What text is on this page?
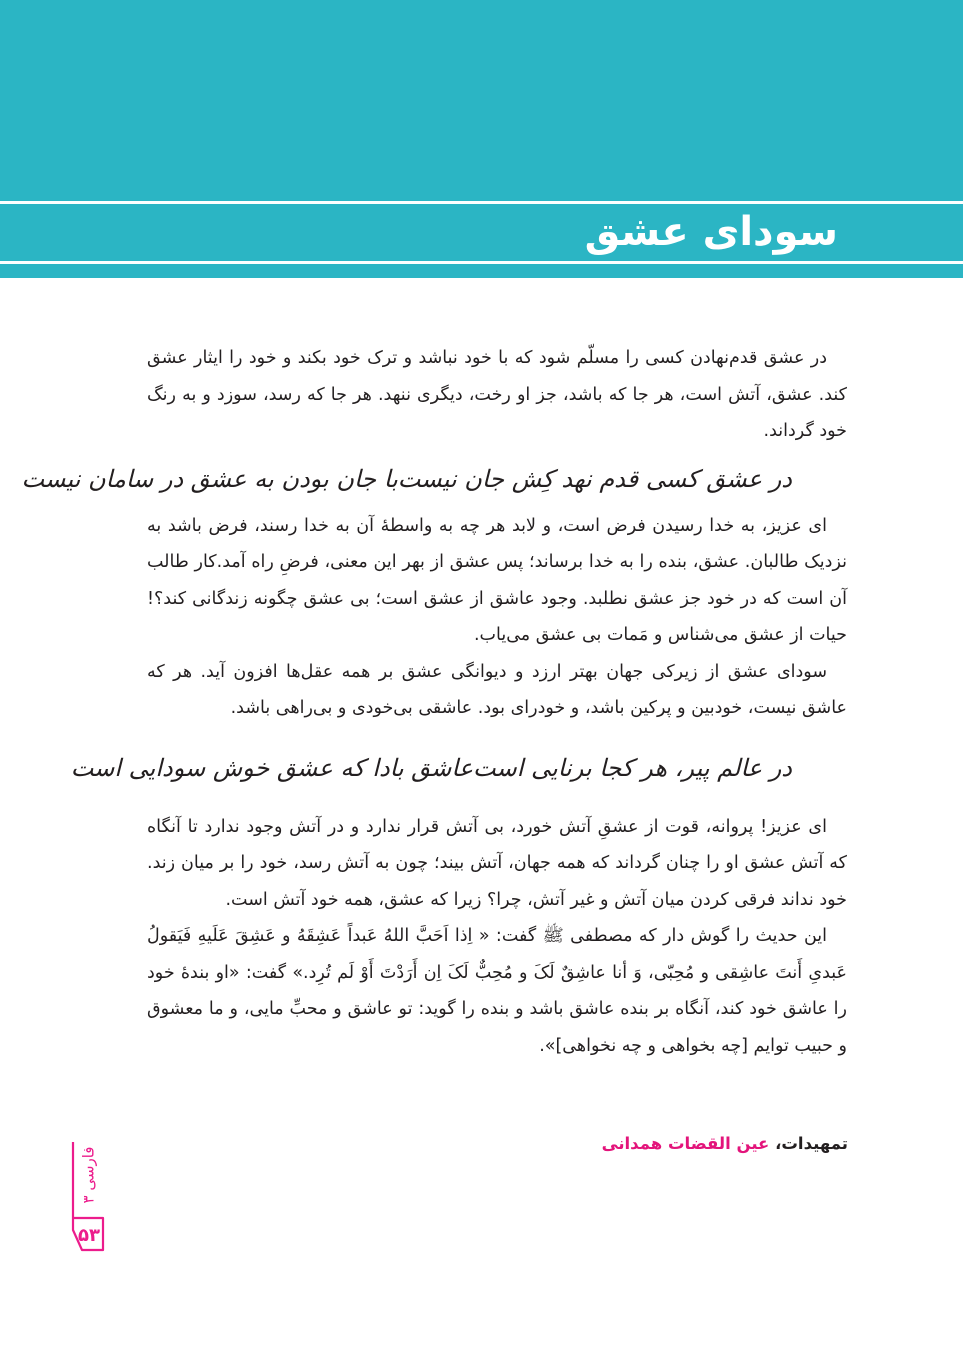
سودای عشق

در عشق قدم‌نهادن کسی را مسلّم شود که با خود نباشد و ترک خود بکند و خود را ایثار عشق کند. عشق، آتش است، هر جا که باشد، جز او رخت، دیگری ننهد. هر جا که رسد، سوزد و به رنگ خود گرداند.

در عشق کسی قدم نهد کِش جان نیست
با جان بودن به عشق در سامان نیست

ای عزیز، به خدا رسیدن فرض است، و لابد هر چه به واسطهٔ آن به خدا رسند، فرض باشد به نزدیک طالبان. عشق، بنده را به خدا برساند؛ پس عشق از بهر این معنی، فرضِ راه آمد.کار طالب آن است که در خود جز عشق نطلبد. وجود عاشق از عشق است؛ بی عشق چگونه زندگانی کند؟! حیات از عشق می‌شناس و مَمات بی عشق می‌یاب.

سودای عشق از زیرکی جهان بهتر ارزد و دیوانگی عشق بر همه عقل‌ها افزون آید. هر که عاشق نیست، خودبین و پرکین باشد، و خودرای بود. عاشقی بی‌خودی و بی‌راهی باشد.

در عالم پیر، هر کجا برنایی است
عاشق بادا که عشق خوش سودایی است

ای عزیز! پروانه، قوت از عشقِ آتش خورد، بی آتش قرار ندارد و در آتش وجود ندارد تا آنگاه که آتش عشق او را چنان گرداند که همه جهان، آتش بیند؛ چون به آتش رسد، خود را بر میان زند. خود نداند فرقی کردن میان آتش و غیر آتش، چرا؟ زیرا که عشق، همه خود آتش است.

این حدیث را گوش دار که مصطفی ﷺ گفت: « اِذا اَحَبَّ اللهُ عَبداً عَشِقَهُ و عَشِقَ عَلَیهِ فَیَقولُ عَبدیِ أَنتَ عاشِقی و مُحِبّی، وَ أنا عاشِقٌ لَکَ و مُحِبٌّ لَکَ اِن أَرَدْتَ أَوْ لَم تُرِد.» گفت: «او بندهٔ خود را عاشق خود کند، آنگاه بر بنده عاشق باشد و بنده را گوید: تو عاشق و محبِّ مایی، و ما معشوق و حبیب توایم [چه بخواهی و چه نخواهی]».

تمهیدات، عین القضات همدانی
فارسی ۳
۵۳
